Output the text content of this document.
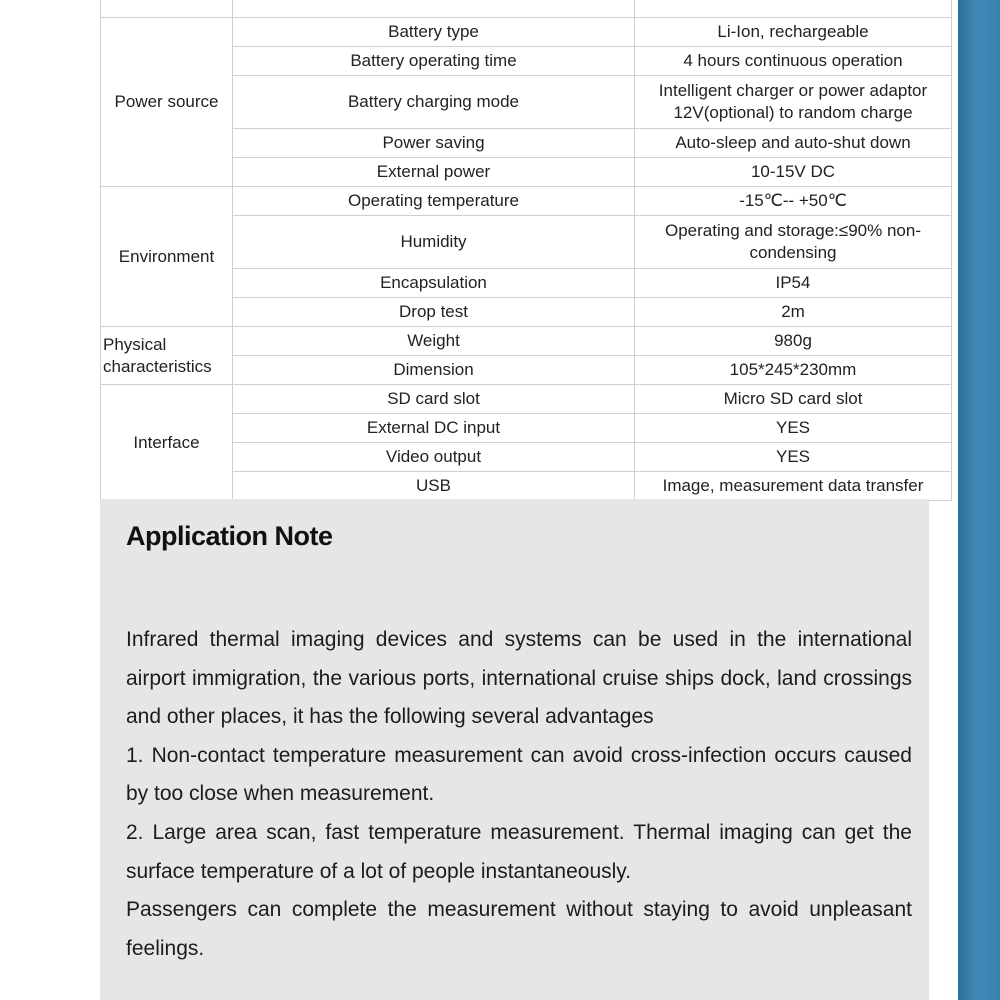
Power source	Battery type	Li-Ion, rechargeable
	Battery operating time	4 hours continuous operation
	Battery charging mode	Intelligent charger or power adaptor 12V(optional) to random charge
	Power saving	Auto-sleep and auto-shut down
	External power	10-15V DC
Environment	Operating temperature	-15℃-- +50℃
	Humidity	Operating and storage:≤90% non-condensing
	Encapsulation	IP54
	Drop test	2m
Physical characteristics	Weight	980g
	Dimension	105*245*230mm
Interface	SD card slot	Micro SD card slot
	External DC input	YES
	Video output	YES
	USB	Image, measurement data transfer
Application Note

Infrared thermal imaging devices and systems can be used in the international airport immigration, the various ports, international cruise ships dock, land crossings and other places, it has the following several advantages

1. Non-contact temperature measurement can avoid cross-infection occurs caused by too close when measurement.

2. Large area scan, fast temperature measurement. Thermal imaging can get the surface temperature of a lot of people instantaneously.

Passengers can complete the measurement without staying to avoid unpleasant feelings.
